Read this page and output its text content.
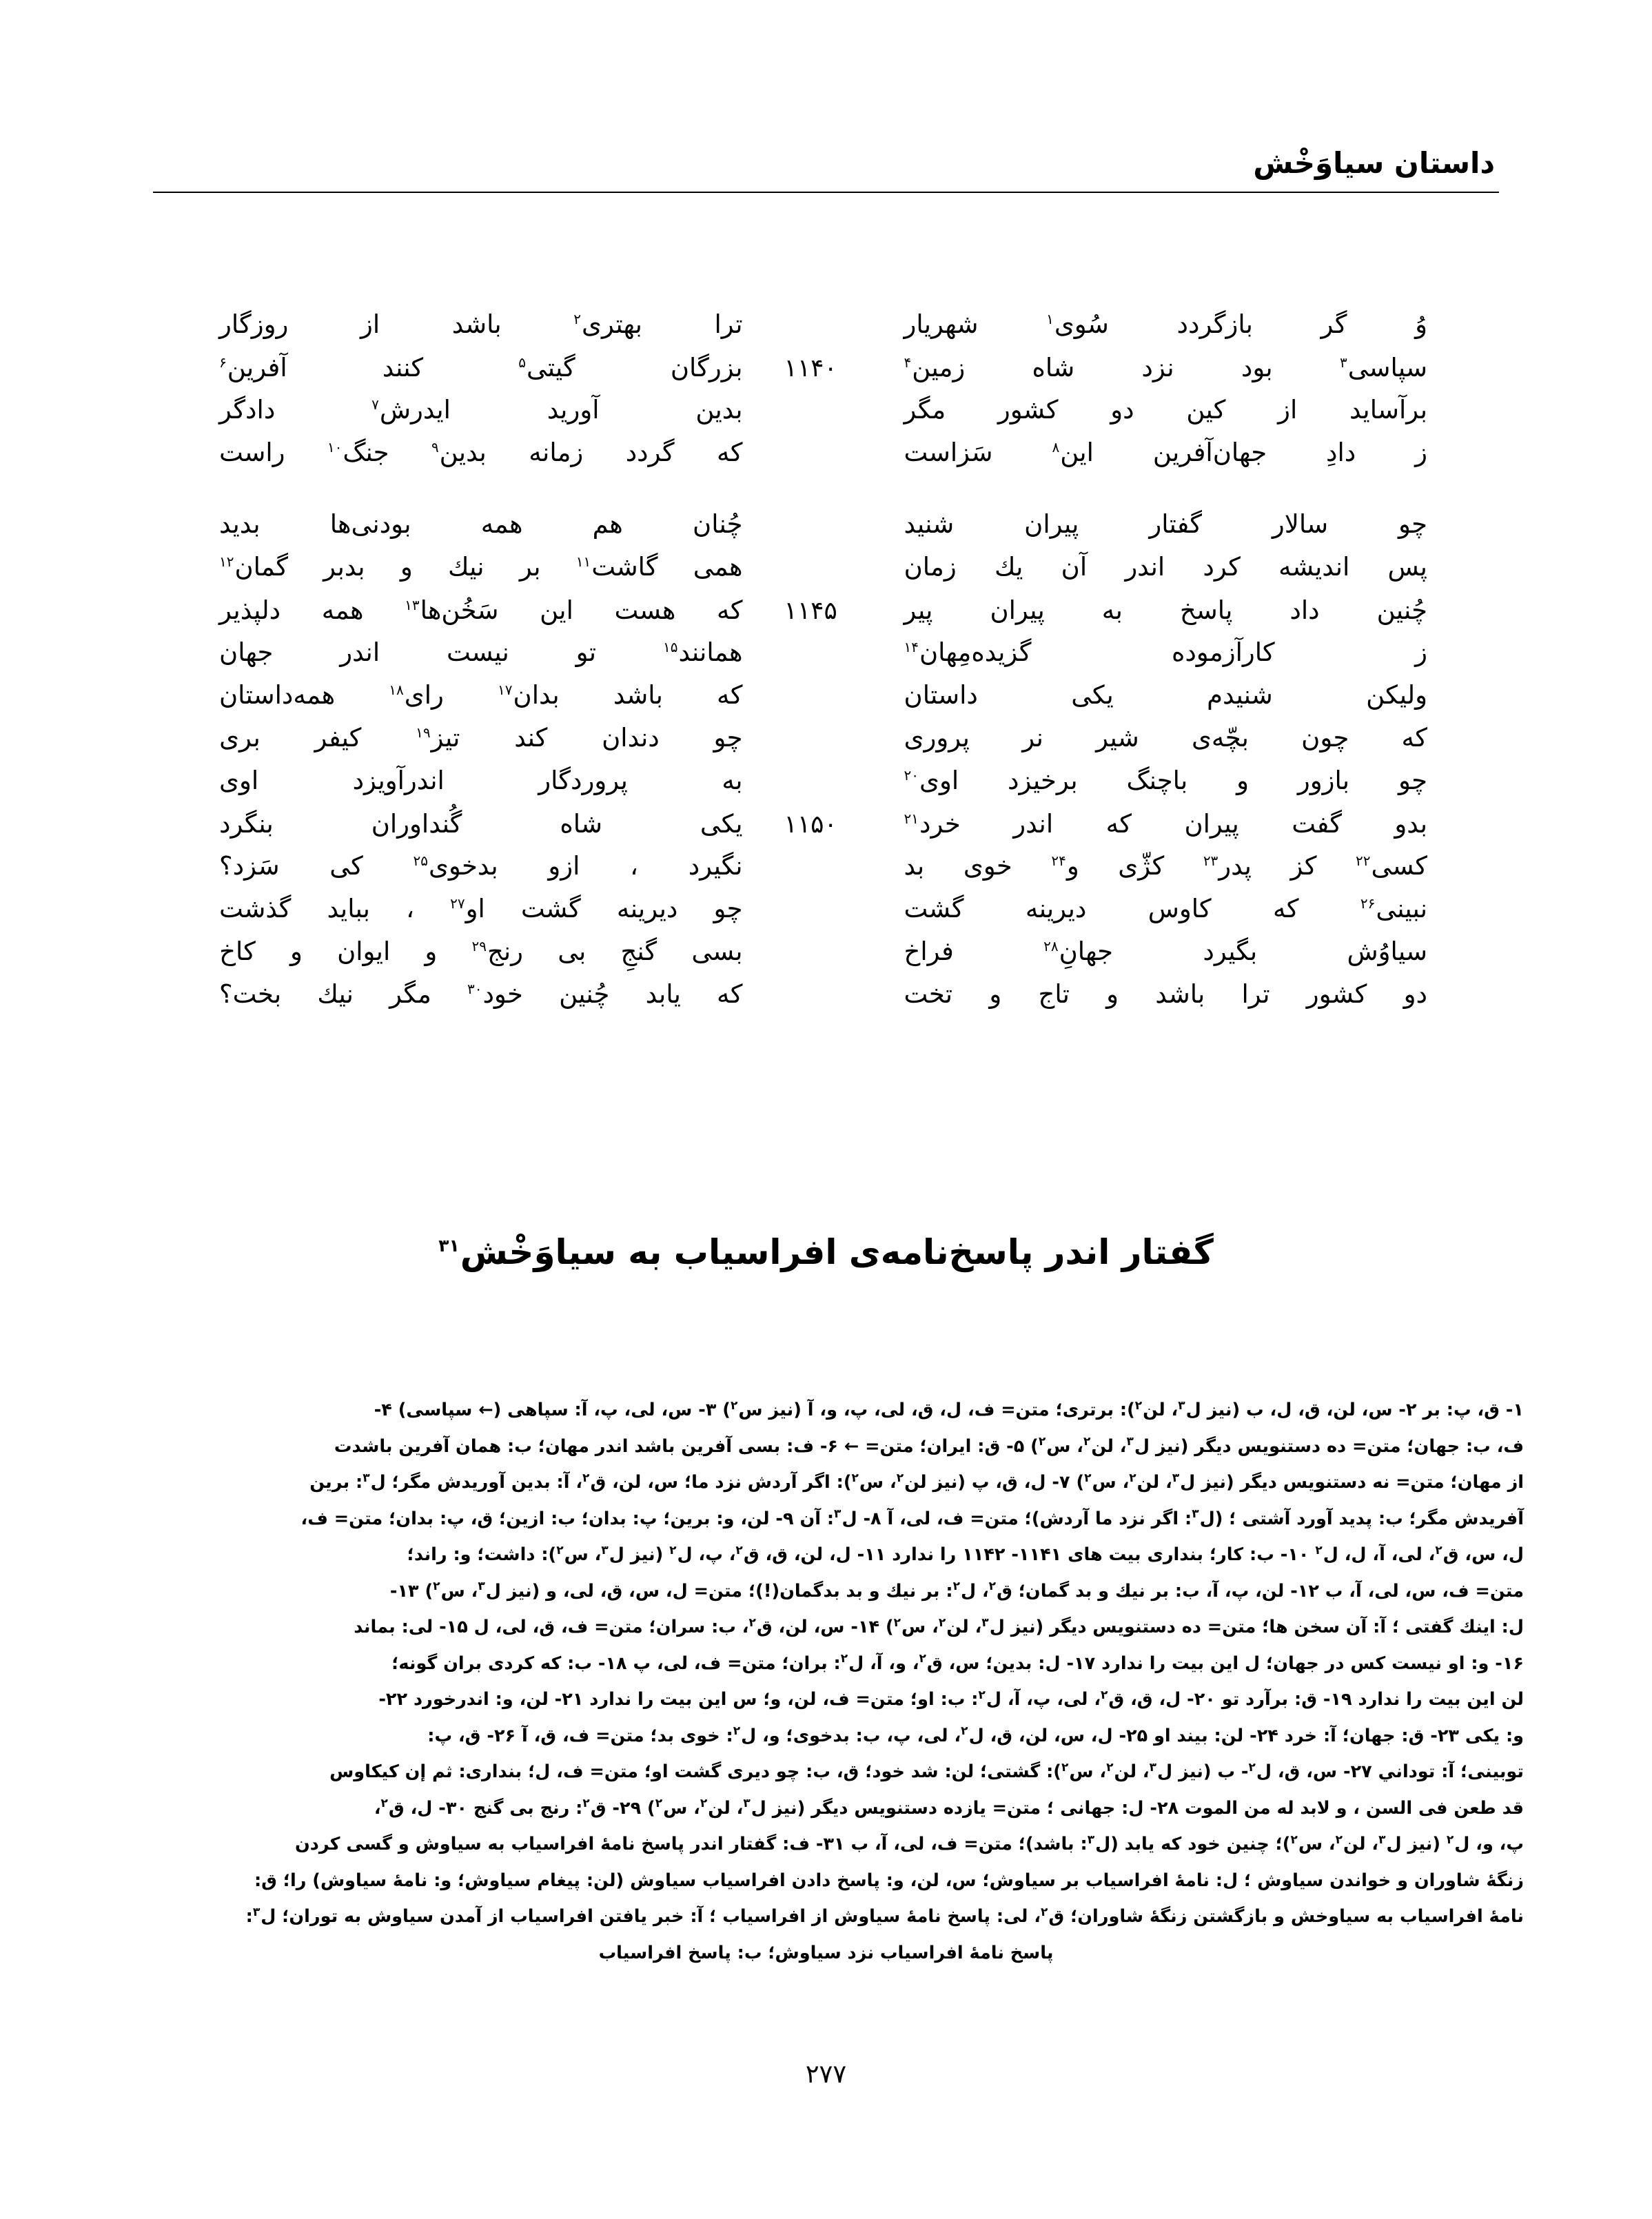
داستان سیاوَخْش
وُ
گر
بازگردد
سُوی$^۱$
شهریار
ترا
بهتری$^۲$
باشد
از
روزگار
سپاسی$^۳$
بود
نزد
شاه
زمین$^۴$
۱۱۴۰
بزرگان
گیتی$^۵$
کنند
آفرین$^۶$
برآساید
از
کین
دو
کشور
مگر
بدین
آورید
ایدرش$^۷$
دادگر
ز
دادِ
جهان‌آفرین
این$^۸$
سَزاست
که
گردد
زمانه
بدین$^۹$
جنگ$^{۱۰}$
راست
چو
سالار
گفتار
پیران
شنید
چُنان
هم
همه
بودنی‌ها
بدید
پس
اندیشه
کرد
اندر
آن
یك
زمان
همی
گاشت$^{۱۱}$
بر
نیك
و
بدبر
گمان$^{۱۲}$
چُنین
داد
پاسخ
به
پیران
پیر
۱۱۴۵
که
هست
این
سَخُن‌ها$^{۱۳}$
همه
دلپذیر
ز
کارآزموده
گزیده‌مِهان$^{۱۴}$
همانند$^{۱۵}$
تو
نیست
اندر
جهان
ولیکن
شنیدم
یکی
داستان
که
باشد
بدان$^{۱۷}$
رای$^{۱۸}$
همه‌داستان
که
چون
بچّه‌ی
شیر
نر
پروری
چو
دندان
کند
تیز$^{۱۹}$
کیفر
بری
چو
بازور
و
باچنگ
برخیزد
اوی$^{۲۰}$
به
پروردگار
اندرآویزد
اوی
بدو
گفت
پیران
که
اندر
خرد$^{۲۱}$
۱۱۵۰
یکی
شاه
گُنداوران
بنگرد
کسی$^{۲۲}$
کز
پدر$^{۲۳}$
کژّی
و$^{۲۴}$
خوی
بد
نگیرد
،
ازو
بدخوی$^{۲۵}$
کی
سَزد؟
نبینی$^{۲۶}$
که
کاوس
دیرینه
گشت
چو
دیرینه
گشت
او$^{۲۷}$
،
بباید
گذشت
سیاوُش
بگیرد
جهانِ$^{۲۸}$
فراخ
بسی
گنجِ
بی
رنج$^{۲۹}$
و
ایوان
و
کاخ
دو
کشور
ترا
باشد
و
تاج
و
تخت
که
یابد
چُنین
خود$^{۳۰}$
مگر
نیك
بخت؟
گفتار اندر پاسخ‌نامه‌ی افراسیاب به سیاوَخْش$^{۳۱}$

۱- ق، پ: بر ۲- س، لن، ق، ل، ب (نیز ل$^۳$، لن$^۲$): برتری؛ متن= ف، ل، ق، لی، پ، و، آ (نیز س$^۲$) ۳- س، لی، پ، آ: سپاهی (← سپاسی) ۴-

ف، ب: جهان؛ متن= ده دستنویس دیگر (نیز ل$^۳$، لن$^۲$، س$^۲$) ۵- ق: ایران؛ متن= ← ۶- ف: بسی آفرین باشد اندر مهان؛ ب: همان آفرین باشدت

از مهان؛ متن= نه دستنویس دیگر (نیز ل$^۳$، لن$^۲$، س$^۲$) ۷- ل، ق، پ (نیز لن$^۲$، س$^۲$): اگر آردش نزد ما؛ س، لن، ق$^۲$، آ: بدین آوریدش مگر؛ ل$^۳$: برین

آفریدش مگر؛ ب: پدید آورد آشتی ؛ (ل$^۳$: اگر نزد ما آردش)؛ متن= ف، لی، آ ۸- ل$^۳$: آن ۹- لن، و: برین؛ پ: بدان؛ ب: ازین؛ ق، پ: بدان؛ متن= ف،

ل، س، ق$^۲$، لی، آ، ل، ل$^۲$ ۱۰- ب: کار؛ بنداری بیت های ۱۱۴۱- ۱۱۴۲ را ندارد ۱۱- ل، لن، ق، ق$^۲$، پ، ل$^۲$ (نیز ل$^۳$، س$^۲$): داشت؛ و: راند؛

متن= ف، س، لی، آ، ب ۱۲- لن، پ، آ، ب: بر نیك و بد گمان؛ ق$^۲$، ل$^۲$: بر نیك و بد بدگمان(!)؛ متن= ل، س، ق، لی، و (نیز ل$^۳$، س$^۲$) ۱۳-

ل: اینك گفتی ؛ آ: آن سخن ها؛ متن= ده دستنویس دیگر (نیز ل$^۳$، لن$^۲$، س$^۲$) ۱۴- س، لن، ق$^۲$، ب: سران؛ متن= ف، ق، لی، ل ۱۵- لی: بماند

۱۶- و: او نیست کس در جهان؛ ل این بیت را ندارد ۱۷- ل: بدین؛ س، ق$^۲$، و، آ، ل$^۲$: بران؛ متن= ف، لی، پ ۱۸- ب: که کردی بران گونه؛

لن این بیت را ندارد ۱۹- ق: برآرد تو ۲۰- ل، ق، ق$^۲$، لی، پ، آ، ل$^۲$: ب: او؛ متن= ف، لن، و؛ س این بیت را ندارد ۲۱- لن، و: اندرخورد ۲۲-

و: یکی ۲۳- ق: جهان؛ آ: خرد ۲۴- لن: بیند او ۲۵- ل، س، لن، ق، ل$^۲$، لی، پ، ب: بدخوی؛ و، ل$^۲$: خوی بد؛ متن= ف، ق، آ ۲۶- ق، پ:

توبینی؛ آ: توداني ۲۷- س، ق، ل$^۲$- ب (نیز ل$^۳$، لن$^۲$، س$^۲$): گشتی؛ لن: شد خود؛ ق، ب: چو دیری گشت او؛ متن= ف، ل؛ بنداری: ثم إن کیکاوس

قد طعن فی السن ، و لابد له من الموت ۲۸- ل: جهانی ؛ متن= یازده دستنویس دیگر (نیز ل$^۳$، لن$^۲$، س$^۲$) ۲۹- ق$^۲$: رنج بی گنج ۳۰- ل، ق$^۲$،

پ، و، ل$^۲$ (نیز ل$^۳$، لن$^۲$، س$^۲$)؛ چنین خود که یابد (ل$^۳$: باشد)؛ متن= ف، لی، آ، ب ۳۱- ف: گفتار اندر پاسخ نامهٔ افراسیاب به سیاوش و گسی کردن

زنگهٔ شاوران و خواندن سیاوش ؛ ل: نامهٔ افراسیاب بر سیاوش؛ س، لن، و: پاسخ دادن افراسیاب سیاوش (لن: پیغام سیاوش؛ و: نامهٔ سیاوش) را؛ ق:

نامهٔ افراسیاب به سیاوخش و بازگشتن زنگهٔ شاوران؛ ق$^۲$، لی: پاسخ نامهٔ سیاوش از افراسیاب ؛ آ: خبر یافتن افراسیاب از آمدن سیاوش به توران؛ ل$^۳$:

پاسخ نامهٔ افراسیاب نزد سیاوش؛ ب: پاسخ افراسیاب

۲۷۷
